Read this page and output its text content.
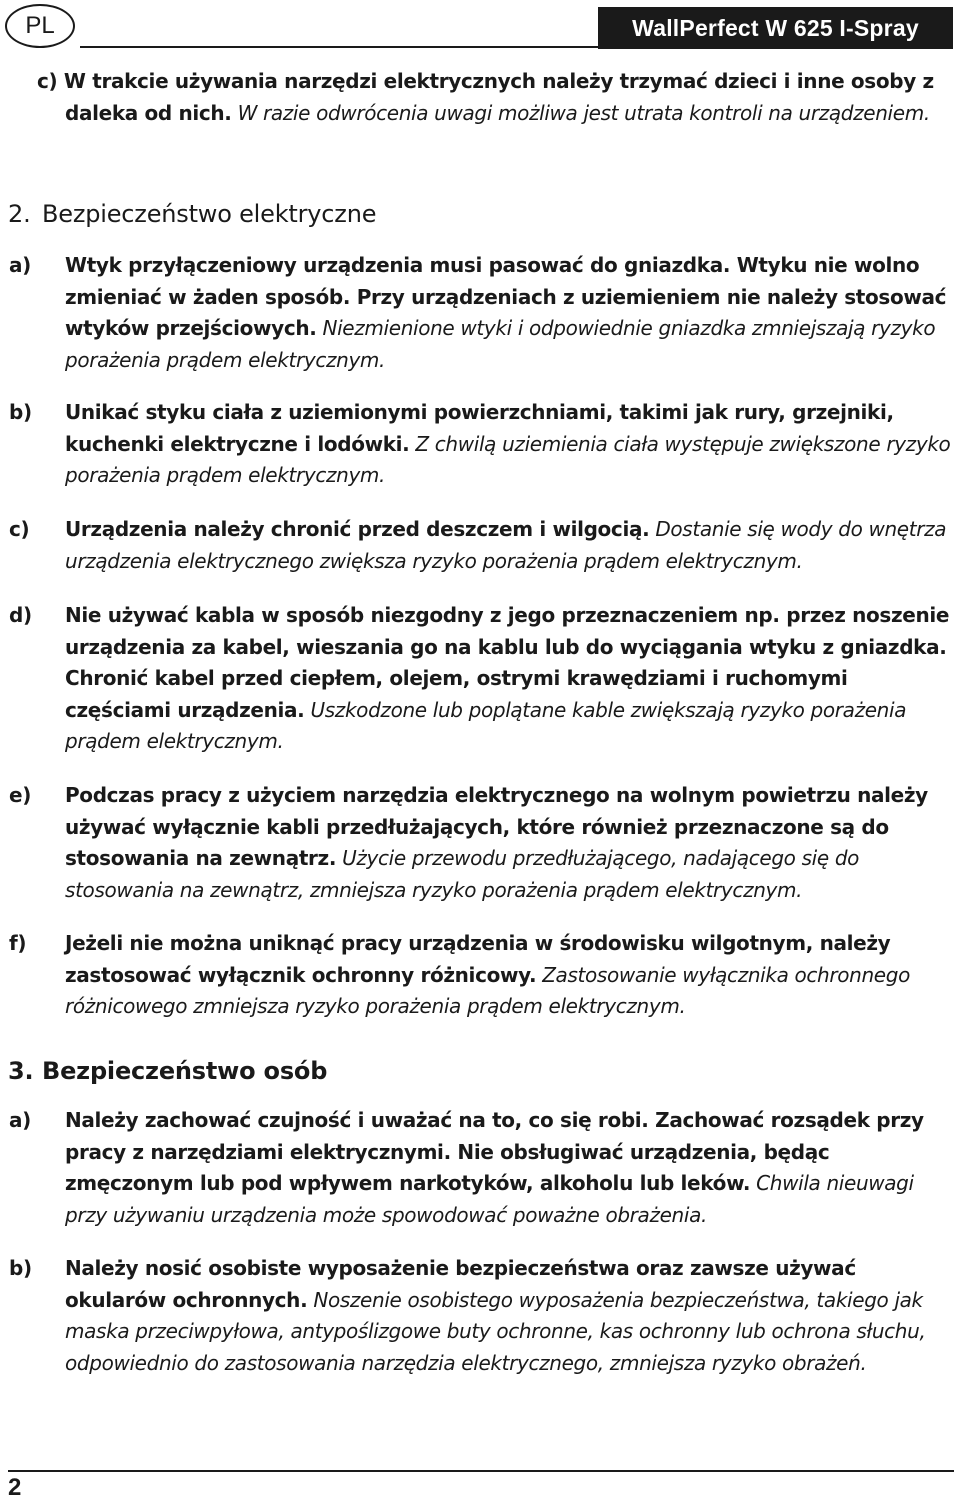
PL	WallPerfect W 625 I-Spray
c) W trakcie używania narzędzi elektrycznych należy trzymać dzieci i inne osoby z daleka od nich. W razie odwrócenia uwagi możliwa jest utrata kontroli na urządzeniem.
2. Bezpieczeństwo elektryczne
a) Wtyk przyłączeniowy urządzenia musi pasować do gniazdka. Wtyku nie wolno zmieniać w żaden sposób. Przy urządzeniach z uziemieniem nie należy stosować wtyków przejściowych. Niezmienione wtyki i odpowiednie gniazdka zmniejszają ryzyko porażenia prądem elektrycznym.
b) Unikać styku ciała z uziemionymi powierzchniami, takimi jak rury, grzejniki, kuchenki elektryczne i lodówki. Z chwilą uziemienia ciała występuje zwiększone ryzyko porażenia prądem elektrycznym.
c) Urządzenia należy chronić przed deszczem i wilgocią. Dostanie się wody do wnętrza urządzenia elektrycznego zwiększa ryzyko porażenia prądem elektrycznym.
d) Nie używać kabla w sposób niezgodny z jego przeznaczeniem np. przez noszenie urządzenia za kabel, wieszania go na kablu lub do wyciągania wtyku z gniazdka. Chronić kabel przed ciepłem, olejem, ostrymi krawędziami i ruchomymi częściami urządzenia. Uszkodzone lub poplątane kable zwiększają ryzyko porażenia prądem elektrycznym.
e) Podczas pracy z użyciem narzędzia elektrycznego na wolnym powietrzu należy używać wyłącznie kabli przedłużających, które również przeznaczone są do stosowania na zewnątrz. Użycie przewodu przedłużającego, nadającego się do stosowania na zewnątrz, zmniejsza ryzyko porażenia prądem elektrycznym.
f) Jeżeli nie można uniknąć pracy urządzenia w środowisku wilgotnym, należy zastosować wyłącznik ochronny różnicowy. Zastosowanie wyłącznika ochronnego różnicowego zmniejsza ryzyko porażenia prądem elektrycznym.
3. Bezpieczeństwo osób
a) Należy zachować czujność i uważać na to, co się robi. Zachować rozsądek przy pracy z narzędziami elektrycznymi. Nie obsługiwać urządzenia, będąc zmęczonym lub pod wpływem narkotyków, alkoholu lub leków. Chwila nieuwagi przy używaniu urządzenia może spowodować poważne obrażenia.
b) Należy nosić osobiste wyposażenie bezpieczeństwa oraz zawsze używać okularów ochronnych. Noszenie osobistego wyposażenia bezpieczeństwa, takiego jak maska przeciwpyłowa, antypoślizgowe buty ochronne, kas ochronny lub ochrona słuchu, odpowiednio do zastosowania narzędzia elektrycznego, zmniejsza ryzyko obrażeń.
2
